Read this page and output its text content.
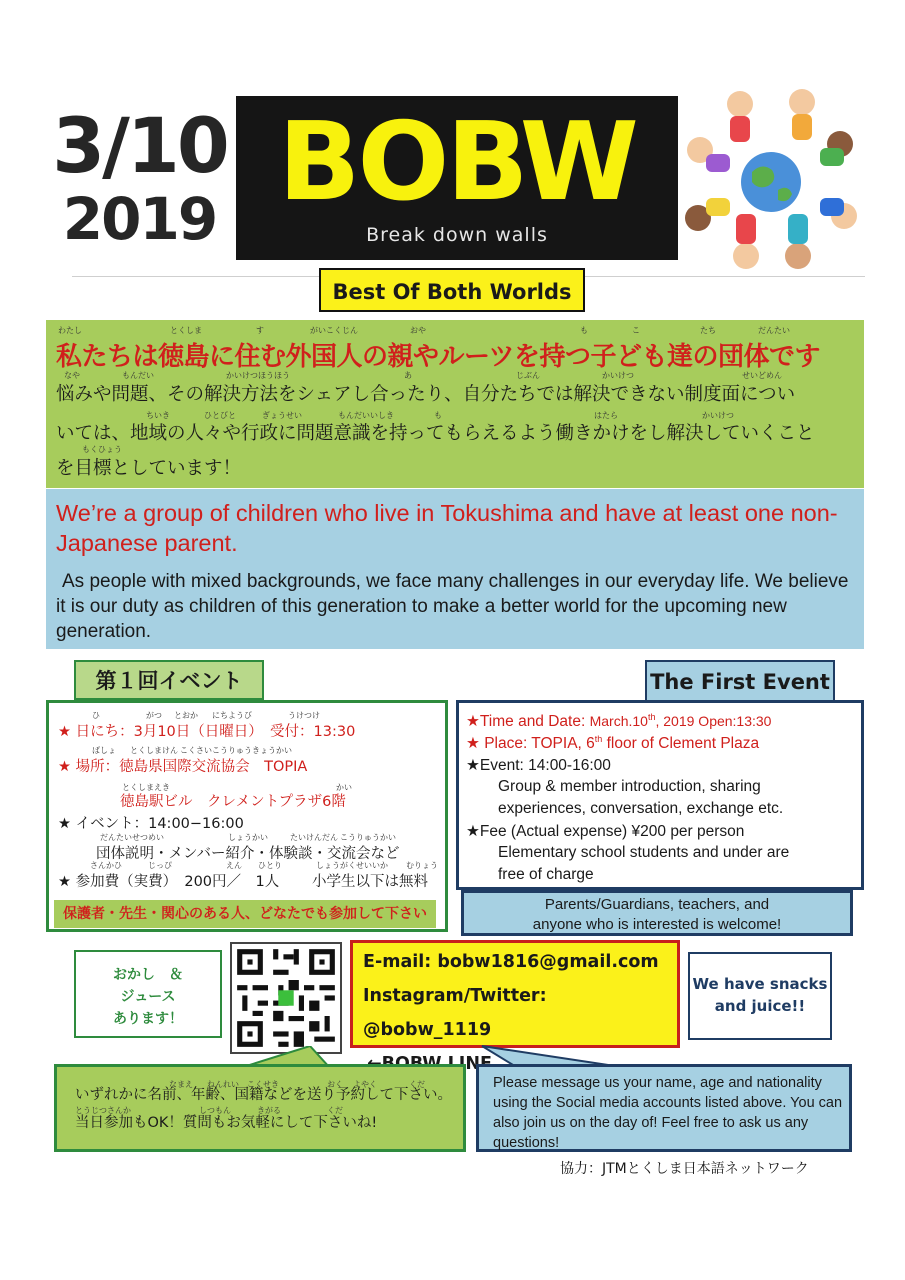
3/10
2019 BOBW
Break down walls
Best Of Both Worlds
わたし	とくしま	す	がいこくじん	おや	も	こ	たち	だんたい
私たちは徳島に住む外国人の親やルーツを持つ子ども達の団体です
なや	もんだい	かいけつほうほう	あ	じぶん	かいけつ	せいどめん
ちいき	ひとびと	ぎょうせい	もんだいいしき	も	はたら	かいけつ
もくひょう
悩みや問題、その解決方法をシェアし合ったり、自分たちでは解決できない制度面につい
いては、地域の人々や行政に問題意識を持ってもらえるよう働きかけをし解決していくこと
を目標としています！
We’re a group of children who live in Tokushima and have at least one non-Japanese parent.
As people with mixed backgrounds, we face many challenges in our everyday life. We believe it is our duty as children of this generation to make a better world for the upcoming new generation.
第１回イベント	The First Event
ひ	がつ とおか にちようび	うけつけ
★ 日にち：3月10日（日曜日）　受付：13:30
ばしょ とくしまけん こくさいこうりゅうきょうかい
★ 場所：徳島県国際交流協会　TOPIA
とくしまえき	かい
徳島駅ビル　クレメントプラザ6階
★ イベント：14:00−16:00
だんたいせつめい	しょうかい	たいけんだん こうりゅうかい
団体説明・メンバー紹介・体験談・交流会など
さんかひ	じっぴ	えん ひとり	しょうがくせいいか むりょう
★ 参加費（実費）　200円／　1人 小学生以下は無料
保護者・先生・関心のある人、どなたでも参加して下さい
★Time and Date: March.10th, 2019 Open:13:30
★ Place: TOPIA, 6th floor of Clement Plaza
★Event: 14:00-16:00
Group & member introduction, sharing
experiences, conversation, exchange etc.
★Fee (Actual expense) ¥200 per person
Elementary school students and under are
free of charge
Parents/Guardians, teachers, and
anyone who is interested is welcome!
おかし　＆
ジュース
あります！
E-mail: bobw1816@gmail.com
Instagram/Twitter: @bobw_1119
LINE
We have snacks
and juice!!
なまえ ねんれい こくせき	おく よやく	くだ
とうじつさんか	しつもん	きがる	くだ
いずれかに名前、年齢、国籍などを送り予約して下さい。
当日参加もOK！質問もお気軽にして下さいね!
Please message us your name, age and nationality using the Social media accounts listed above. You can also join us on the day of! Feel free to ask us any questions!
協力：JTMとくしま日本語ネットワーク
